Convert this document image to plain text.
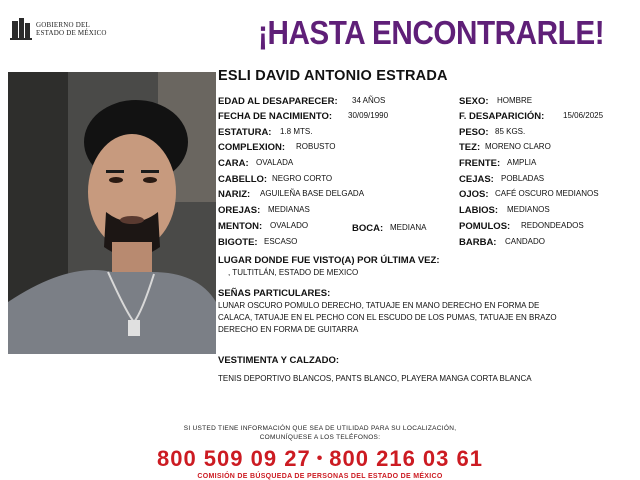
GOBIERNO DEL
ESTADO DE MÉXICO	¡HASTA ENCONTRARLE!
ESLI DAVID ANTONIO ESTRADA
EDAD AL DESAPARECER: 34 AÑOS
FECHA DE NACIMIENTO: 30/09/1990
ESTATURA: 1.8 MTS.
COMPLEXION: ROBUSTO
CARA: OVALADA
CABELLO: NEGRO CORTO
NARIZ: AGUILEÑA BASE DELGADA
OREJAS: MEDIANAS
MENTON: OVALADO	BOCA: MEDIANA
BIGOTE: ESCASO
SEXO: HOMBRE
F. DESAPARICIÓN: 15/06/2025
PESO: 85 KGS.
TEZ: MORENO CLARO
FRENTE: AMPLIA
CEJAS: POBLADAS
OJOS: CAFÉ OSCURO MEDIANOS
LABIOS: MEDIANOS
POMULOS: REDONDEADOS
BARBA: CANDADO
LUGAR DONDE FUE VISTO(A) POR ÚLTIMA VEZ:
, TULTITLÁN, ESTADO DE MEXICO
SEÑAS PARTICULARES:
LUNAR OSCURO POMULO DERECHO, TATUAJE EN MANO DERECHO EN FORMA DE
CALACA, TATUAJE EN EL PECHO CON EL ESCUDO DE LOS PUMAS, TATUAJE EN BRAZO
DERECHO EN FORMA DE GUITARRA
VESTIMENTA Y CALZADO:
TENIS DEPORTIVO BLANCOS, PANTS BLANCO, PLAYERA MANGA CORTA BLANCA
SI USTED TIENE INFORMACIÓN QUE SEA DE UTILIDAD PARA SU LOCALIZACIÓN,
COMUNÍQUESE A LOS TELÉFONOS:
800 509 09 27 • 800 216 03 61
COMISIÓN DE BÚSQUEDA DE PERSONAS DEL ESTADO DE MÉXICO
